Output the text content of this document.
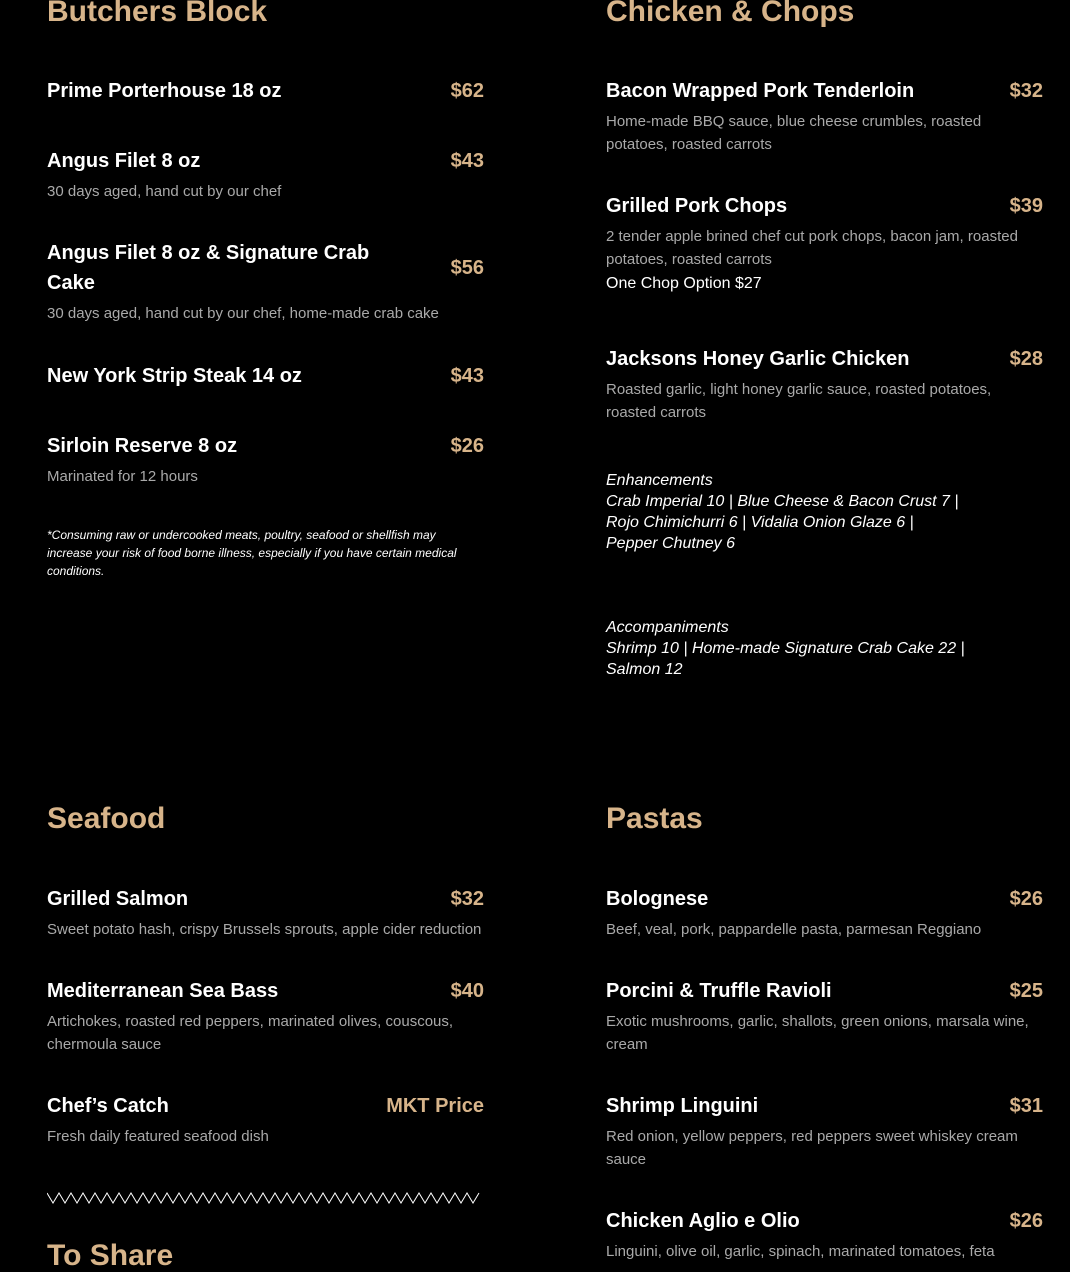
Butchers Block
Prime Porterhouse 18 oz	$62
Angus Filet 8 oz	$43
30 days aged, hand cut by our chef
Angus Filet 8 oz & Signature Crab Cake
$56
30 days aged, hand cut by our chef, home-made crab cake
New York Strip Steak 14 oz	$43
Sirloin Reserve 8 oz	$26
Marinated for 12 hours
*Consuming raw or undercooked meats, poultry, seafood or shellfish may increase your risk of food borne illness, especially if you have certain medical conditions.
Chicken & Chops
Bacon Wrapped Pork Tenderloin	$32
Home-made BBQ sauce, blue cheese crumbles, roasted potatoes, roasted carrots
Grilled Pork Chops	$39
2 tender apple brined chef cut pork chops, bacon jam, roasted potatoes, roasted carrots
One Chop Option $27
Jacksons Honey Garlic Chicken	$28
Roasted garlic, light honey garlic sauce, roasted potatoes, roasted carrots
Enhancements
Crab Imperial 10 | Blue Cheese & Bacon Crust 7 |
Rojo Chimichurri 6 | Vidalia Onion Glaze 6 |
Pepper Chutney 6
Accompaniments
Shrimp 10 | Home-made Signature Crab Cake 22 |
Salmon 12
Seafood
Grilled Salmon	$32
Sweet potato hash, crispy Brussels sprouts, apple cider reduction
Mediterranean Sea Bass	$40
Artichokes, roasted red peppers, marinated olives, couscous, chermoula sauce
Chef’s Catch	MKT Price
Fresh daily featured seafood dish
To Share
Pastas
Bolognese	$26
Beef, veal, pork, pappardelle pasta, parmesan Reggiano
Porcini & Truffle Ravioli	$25
Exotic mushrooms, garlic, shallots, green onions, marsala wine, cream
Shrimp Linguini	$31
Red onion, yellow peppers, red peppers sweet whiskey cream sauce
Chicken Aglio e Olio	$26
Linguini, olive oil, garlic, spinach, marinated tomatoes, feta
